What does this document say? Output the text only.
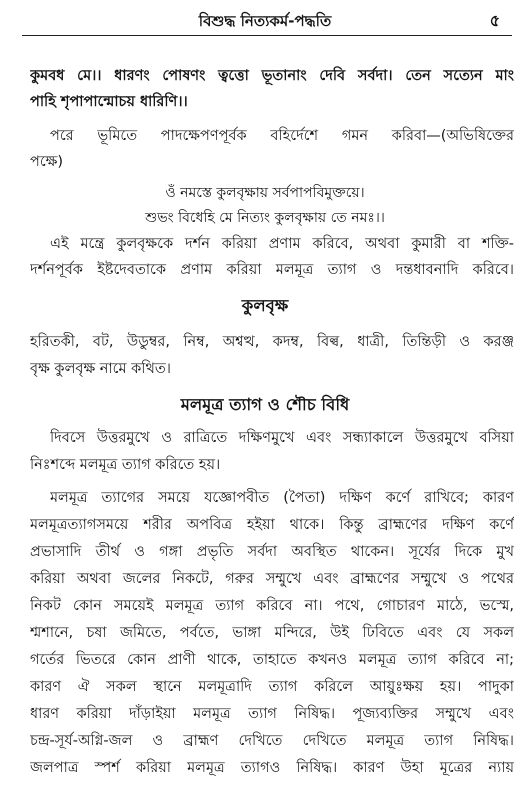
বিশুদ্ধ নিত্যকর্ম-পদ্ধতি	৫
কুমবধ মে।। ধারণং পোষণং ত্বত্তো ভূতানাং দেবি সর্বদা। তেন সত্যেন মাং
পাহি শৃপাপান্মোচয় ধারিণি।।
পরে ভূমিতে পাদক্ষেপণপূর্বক বহির্দেশে গমন করিবা—(অভিষিক্তের
পক্ষে)
ওঁ নমস্তে কুলবৃক্ষায় সর্বপাপবিমুক্তয়ে।
শুভং বিধেহি মে নিত্যং কুলবৃক্ষায় তে নমঃ।।
এই মন্ত্রে কুলবৃক্ষকে দর্শন করিয়া প্রণাম করিবে, অথবা কুমারী বা শক্তি-
দর্শনপূর্বক ইষ্টদেবতাকে প্রণাম করিয়া মলমূত্র ত্যাগ ও দন্তধাবনাদি করিবে।
কুলবৃক্ষ
হরিতকী, বট, উডুম্বর, নিম্ব, অশ্বত্থ, কদম্ব, বিল্ব, ধাত্রী, তিন্তিড়ী ও করঞ্জ
বৃক্ষ কুলবৃক্ষ নামে কথিত।
মলমূত্র ত্যাগ ও শৌচ বিধি
দিবসে উত্তরমুখে ও রাত্রিতে দক্ষিণমুখে এবং সন্ধ্যাকালে উত্তরমুখে বসিয়া
নিঃশব্দে মলমূত্র ত্যাগ করিতে হয়।
মলমূত্র ত্যাগের সময়ে যজ্ঞোপবীত (পৈতা) দক্ষিণ কর্ণে রাখিবে; কারণ
মলমূত্রত্যাগসময়ে শরীর অপবিত্র হইয়া থাকে। কিন্তু ব্রাহ্মণের দক্ষিণ কর্ণে
প্রভাসাদি তীর্থ ও গঙ্গা প্রভৃতি সর্বদা অবস্থিত থাকেন। সূর্যের দিকে মুখ
করিয়া অথবা জলের নিকটে, গরুর সম্মুখে এবং ব্রাহ্মণের সম্মুখে ও পথের
নিকট কোন সময়েই মলমূত্র ত্যাগ করিবে না। পথে, গোচারণ মাঠে, ভস্মে,
শ্মশানে, চষা জমিতে, পর্বতে, ভাঙ্গা মন্দিরে, উই ঢিবিতে এবং যে সকল
গর্তের ভিতরে কোন প্রাণী থাকে, তাহাতে কখনও মলমূত্র ত্যাগ করিবে না;
কারণ ঐ সকল স্থানে মলমূত্রাদি ত্যাগ করিলে আয়ুঃক্ষয় হয়। পাদুকা
ধারণ করিয়া দাঁড়াইয়া মলমূত্র ত্যাগ নিষিদ্ধ। পূজ্যব্যক্তির সম্মুখে এবং
চন্দ্র-সূর্য-অগ্নি-জল ও ব্রাহ্মণ দেখিতে দেখিতে মলমূত্র ত্যাগ নিষিদ্ধ।
জলপাত্র স্পর্শ করিয়া মলমূত্র ত্যাগও নিষিদ্ধ। কারণ উহা মূত্রের ন্যায়
